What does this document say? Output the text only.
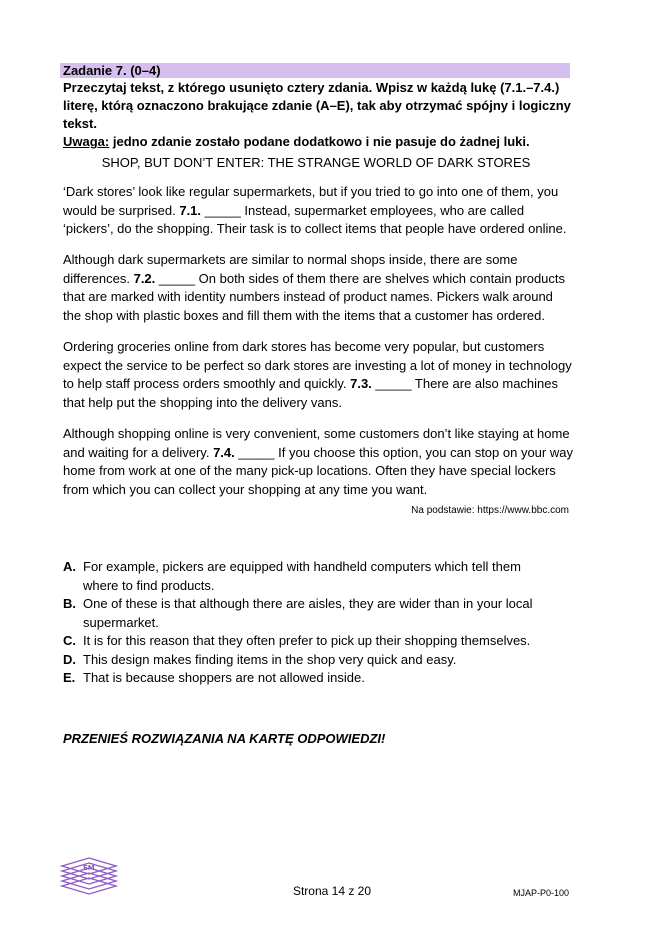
Zadanie 7. (0–4)
Przeczytaj tekst, z którego usunięto cztery zdania. Wpisz w każdą lukę (7.1.–7.4.) literę, którą oznaczono brakujące zdanie (A–E), tak aby otrzymać spójny i logiczny tekst.
Uwaga: jedno zdanie zostało podane dodatkowo i nie pasuje do żadnej luki.
SHOP, BUT DON’T ENTER: THE STRANGE WORLD OF DARK STORES
‘Dark stores’ look like regular supermarkets, but if you tried to go into one of them, you would be surprised. 7.1. _____ Instead, supermarket employees, who are called ‘pickers’, do the shopping. Their task is to collect items that people have ordered online.
Although dark supermarkets are similar to normal shops inside, there are some differences. 7.2. _____ On both sides of them there are shelves which contain products that are marked with identity numbers instead of product names. Pickers walk around the shop with plastic boxes and fill them with the items that a customer has ordered.
Ordering groceries online from dark stores has become very popular, but customers expect the service to be perfect so dark stores are investing a lot of money in technology to help staff process orders smoothly and quickly. 7.3. _____ There are also machines that help put the shopping into the delivery vans.
Although shopping online is very convenient, some customers don’t like staying at home and waiting for a delivery. 7.4. _____ If you choose this option, you can stop on your way home from work at one of the many pick-up locations. Often they have special lockers from which you can collect your shopping at any time you want.
Na podstawie: https://www.bbc.com
A. For example, pickers are equipped with handheld computers which tell them where to find products.
B. One of these is that although there are aisles, they are wider than in your local supermarket.
C. It is for this reason that they often prefer to pick up their shopping themselves.
D. This design makes finding items in the shop very quick and easy.
E. That is because shoppers are not allowed inside.
PRZENIEŚ ROZWIĄZANIA NA KARTĘ ODPOWIEDZI!
EM
Strona 14 z 20	MJAP-P0-100
